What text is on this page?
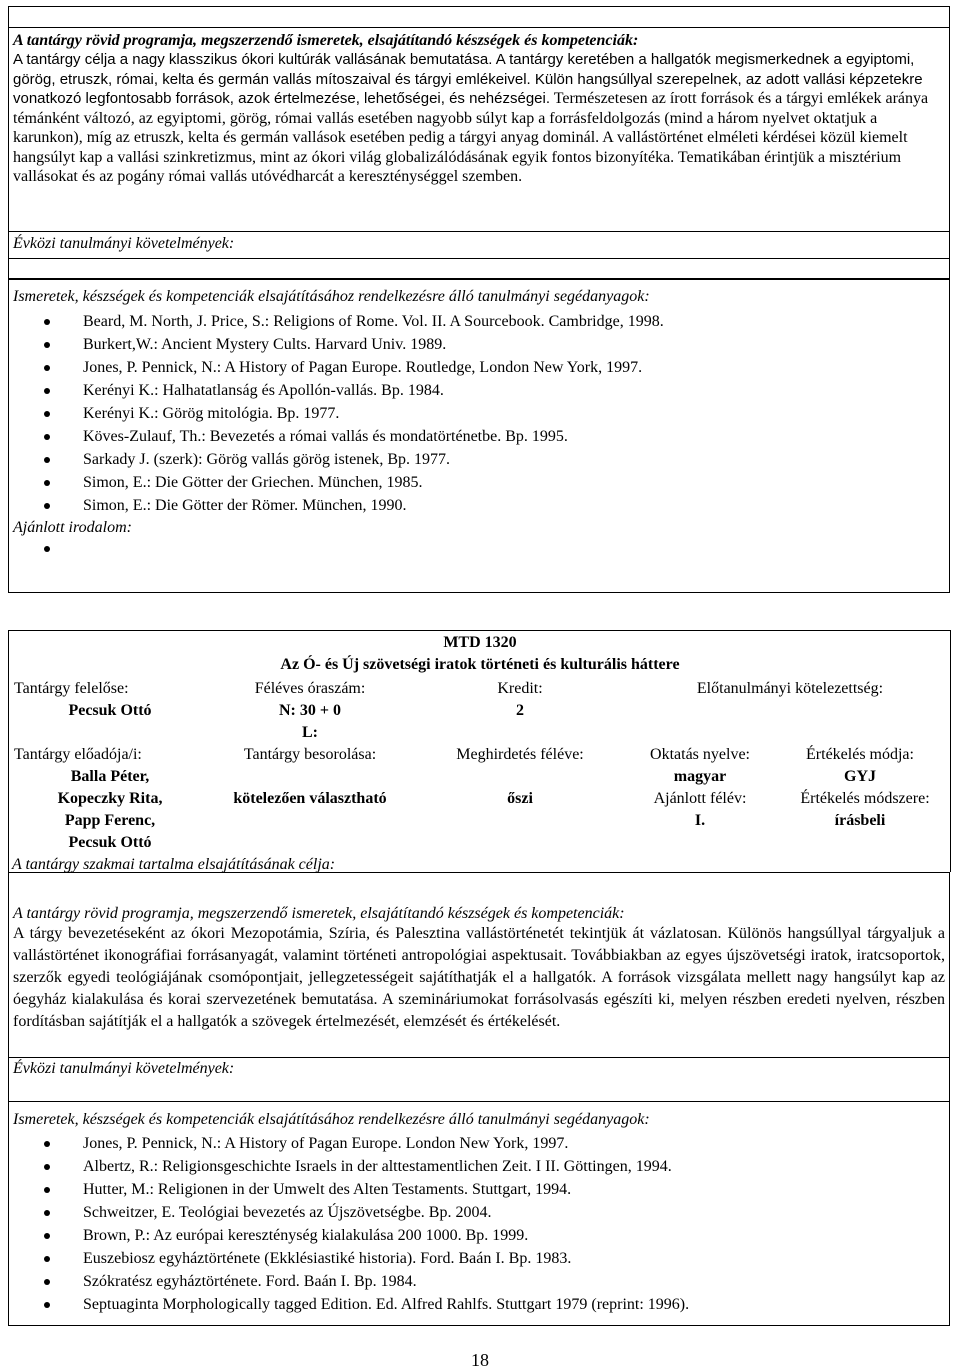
A tantárgy rövid programja, megszerzendő ismeretek, elsajátítandó készségek és kompetenciák:
A tantárgy célja a nagy klasszikus ókori kultúrák vallásának bemutatása. A tantárgy keretében a hallgatók megismerkednek a egyiptomi, görög, etruszk, római, kelta és germán vallás mítoszaival és tárgyi emlékeivel. Külön hangsúllyal szerepelnek, az adott vallási képzetekre vonatkozó legfontosabb források, azok értelmezése, lehetőségei, és nehézségei. Természetesen az írott források és a tárgyi emlékek aránya témánként változó, az egyiptomi, görög, római vallás esetében nagyobb súlyt kap a forrásfeldolgozás (mind a három nyelvet oktatjuk a karunkon), míg az etruszk, kelta és germán vallások esetében pedig a tárgyi anyag dominál. A vallástörténet elméleti kérdései közül kiemelt hangsúlyt kap a vallási szinkretizmus, mint az ókori világ globalizálódásának egyik fontos bizonyítéka. Tematikában érintjük a misztérium vallásokat és az pogány római vallás utóvédharcát a kereszténységgel szemben.
Évközi tanulmányi követelmények:
Ismeretek, készségek és kompetenciák elsajátításához rendelkezésre álló tanulmányi segédanyagok:
Beard, M. North, J. Price, S.: Religions of Rome. Vol. II. A Sourcebook. Cambridge, 1998.
Burkert,W.: Ancient Mystery Cults. Harvard Univ. 1989.
Jones, P. Pennick, N.: A History of Pagan Europe. Routledge, London New York, 1997.
Kerényi K.: Halhatatlanság és Apollón-vallás. Bp. 1984.
Kerényi K.: Görög mitológia. Bp. 1977.
Köves-Zulauf, Th.: Bevezetés a római vallás és mondatörténetbe. Bp. 1995.
Sarkady J. (szerk): Görög vallás görög istenek, Bp. 1977.
Simon, E.: Die Götter der Griechen. München, 1985.
Simon, E.: Die Götter der Römer. München, 1990.
Ajánlott irodalom:
MTD 1320
Az Ó- és Új szövetségi iratok történeti és kulturális háttere
Tantárgy felelőse:
Pecsuk Ottó
Féléves óraszám:
N: 30 + 0
L:
Kredit:
2
Előtanulmányi kötelezettség:
Tantárgy előadója/i:
Balla Péter,
Kopeczky Rita,
Papp Ferenc,
Pecsuk Ottó
Tantárgy besorolása:
kötelezően választható
Meghirdetés féléve:
őszi
Oktatás nyelve:
magyar
Ajánlott félév:
I.
Értékelés módja:
GYJ
Értékelés módszere:
írásbeli
A tantárgy szakmai tartalma elsajátításának célja:
A tantárgy rövid programja, megszerzendő ismeretek, elsajátítandó készségek és kompetenciák:
A tárgy bevezetéseként az ókori Mezopotámia, Szíria, és Palesztina vallástörténetét tekintjük át vázlatosan. Különös hangsúllyal tárgyaljuk a vallástörténet ikonográfiai forrásanyagát, valamint történeti antropológiai aspektusait. Továbbiakban az egyes újszövetségi iratok, iratcsoportok, szerzők egyedi teológiájának csomópontjait, jellegzetességeit sajátíthatják el a hallgatók. A források vizsgálata mellett nagy hangsúlyt kap az óegyház kialakulása és korai szervezetének bemutatása. A szemináriumokat forrásolvasás egészíti ki, melyen részben eredeti nyelven, részben fordításban sajátítják el a hallgatók a szövegek értelmezését, elemzését és értékelését.
Évközi tanulmányi követelmények:
Ismeretek, készségek és kompetenciák elsajátításához rendelkezésre álló tanulmányi segédanyagok:
Jones, P. Pennick, N.: A History of Pagan Europe. London New York, 1997.
Albertz, R.: Religionsgeschichte Israels in der alttestamentlichen Zeit. I II. Göttingen, 1994.
Hutter, M.: Religionen in der Umwelt des Alten Testaments. Stuttgart, 1994.
Schweitzer, E. Teológiai bevezetés az Újszövetségbe. Bp. 2004.
Brown, P.: Az európai kereszténység kialakulása 200 1000. Bp. 1999.
Euszebiosz egyháztörténete (Ekklésiastiké historia). Ford. Baán I. Bp. 1983.
Szókratész egyháztörténete. Ford. Baán I. Bp. 1984.
Septuaginta Morphologically tagged Edition. Ed. Alfred Rahlfs. Stuttgart 1979 (reprint: 1996).
18
